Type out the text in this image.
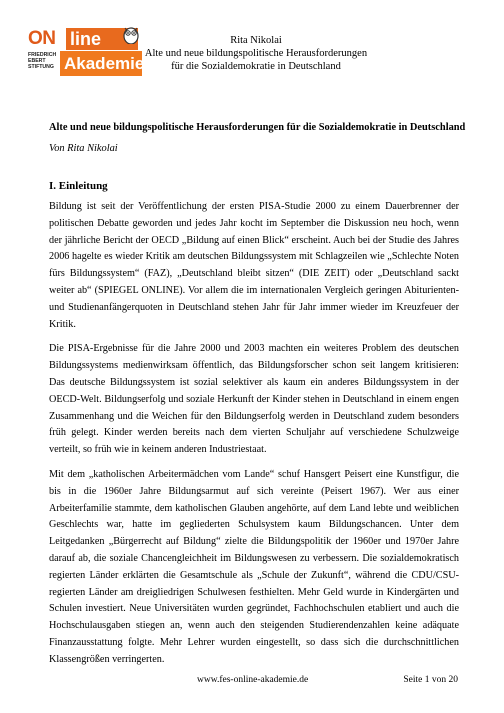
ON line
FRIEDRICH EBERT STIFTUNG Akademie
Rita Nikolai
Alte und neue bildungspolitische Herausforderungen
für die Sozialdemokratie in Deutschland
Alte und neue bildungspolitische Herausforderungen für die Sozialdemokratie in Deutschland
Von Rita Nikolai
I. Einleitung

Bildung ist seit der Veröffentlichung der ersten PISA-Studie 2000 zu einem Dauerbrenner der politischen Debatte geworden und jedes Jahr kocht im September die Diskussion neu hoch, wenn der jährliche Bericht der OECD „Bildung auf einen Blick“ erscheint. Auch bei der Studie des Jahres 2006 hagelte es wieder Kritik am deutschen Bildungssystem mit Schlagzeilen wie „Schlechte Noten fürs Bildungssystem“ (FAZ), „Deutschland bleibt sitzen“ (DIE ZEIT) oder „Deutschland sackt weiter ab“ (SPIEGEL ONLINE). Vor allem die im internationalen Vergleich geringen Abiturienten- und Studienanfängerquoten in Deutschland stehen Jahr für Jahr immer wieder im Kreuzfeuer der Kritik.

Die PISA-Ergebnisse für die Jahre 2000 und 2003 machten ein weiteres Problem des deutschen Bildungssystems medienwirksam öffentlich, das Bildungsforscher schon seit langem kritisieren: Das deutsche Bildungssystem ist sozial selektiver als kaum ein anderes Bildungssystem in der OECD-Welt. Bildungserfolg und soziale Herkunft der Kinder stehen in Deutschland in einem engen Zusammenhang und die Weichen für den Bildungserfolg werden in Deutschland zudem besonders früh gelegt. Kinder werden bereits nach dem vierten Schuljahr auf verschiedene Schulzweige verteilt, so früh wie in keinem anderen Industriestaat.

Mit dem „katholischen Arbeitermädchen vom Lande“ schuf Hansgert Peisert eine Kunstfigur, die bis in die 1960er Jahre Bildungsarmut auf sich vereinte (Peisert 1967). Wer aus einer Arbeiterfamilie stammte, dem katholischen Glauben angehörte, auf dem Land lebte und weiblichen Geschlechts war, hatte im gegliederten Schulsystem kaum Bildungschancen. Unter dem Leitgedanken „Bürgerrecht auf Bildung“ zielte die Bildungspolitik der 1960er und 1970er Jahre darauf ab, die soziale Chancengleichheit im Bildungswesen zu verbessern. Die sozialdemokratisch regierten Länder erklärten die Gesamtschule als „Schule der Zukunft“, während die CDU/CSU-regierten Länder am dreigliedrigen Schulwesen festhielten. Mehr Geld wurde in Kindergärten und Schulen investiert. Neue Universitäten wurden gegründet, Fachhochschulen etabliert und auch die Hochschulausgaben stiegen an, wenn auch den steigenden Studierendenzahlen keine adäquate Finanzausstattung folgte. Mehr Lehrer wurden eingestellt, so dass sich die durchschnittlichen Klassengrößen verringerten.

www.fes-online-akademie.de	Seite 1 von 20
